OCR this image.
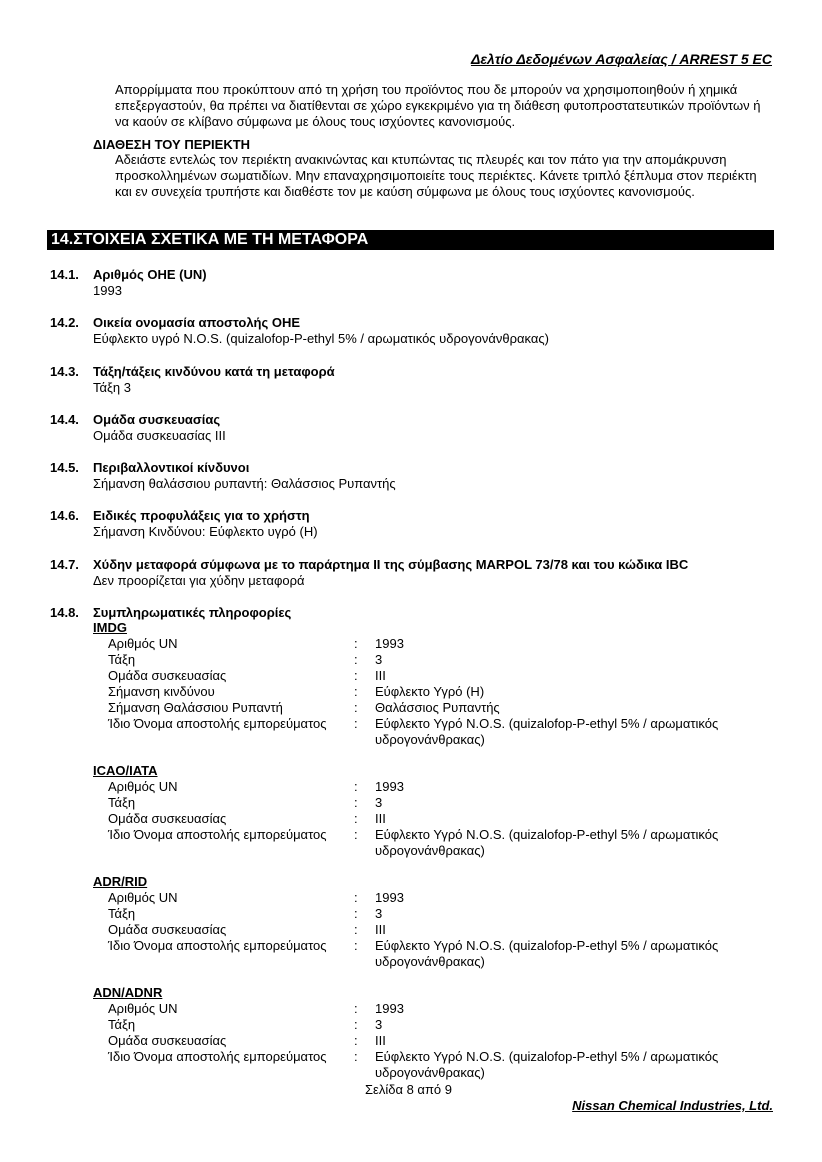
Δελτίο Δεδομένων Ασφαλείας / ARREST 5 EC

Απορρίμματα που προκύπτουν από τη χρήση του προϊόντος που δε μπορούν να χρησιμοποιηθούν ή χημικά επεξεργαστούν, θα πρέπει να διατίθενται σε χώρο εγκεκριμένο για τη διάθεση φυτοπροστατευτικών προϊόντων ή να καούν σε κλίβανο σύμφωνα με όλους τους ισχύοντες κανονισμούς.

ΔΙΑΘΕΣΗ ΤΟΥ ΠΕΡΙΕΚΤΗ
Αδειάστε εντελώς τον περιέκτη ανακινώντας και κτυπώντας τις πλευρές και τον πάτο για την απομάκρυνση προσκολλημένων σωματιδίων. Μην επαναχρησιμοποιείτε τους περιέκτες. Κάνετε τριπλό ξέπλυμα στον περιέκτη και εν συνεχεία τρυπήστε και διαθέστε τον με καύση σύμφωνα με όλους τους ισχύοντες κανονισμούς.
14.ΣΤΟΙΧΕΙΑ ΣΧΕΤΙΚΑ ΜΕ ΤΗ ΜΕΤΑΦΟΡΑ
14.1. Αριθμός ΟΗΕ (UN)
1993
14.2. Οικεία ονομασία αποστολής ΟΗΕ
Εύφλεκτο υγρό N.O.S. (quizalofop-P-ethyl 5% / αρωματικός υδρογονάνθρακας)
14.3. Τάξη/τάξεις κινδύνου κατά τη μεταφορά
Τάξη 3
14.4. Ομάδα συσκευασίας
Ομάδα συσκευασίας III
14.5. Περιβαλλοντικοί κίνδυνοι
Σήμανση θαλάσσιου ρυπαντή: Θαλάσσιος Ρυπαντής
14.6. Ειδικές προφυλάξεις για το χρήστη
Σήμανση Κινδύνου: Εύφλεκτο υγρό (H)
14.7. Χύδην μεταφορά σύμφωνα με το παράρτημα II της σύμβασης MARPOL 73/78 και του κώδικα IBC
Δεν προορίζεται για χύδην μεταφορά
14.8. Συμπληρωματικές πληροφορίες
IMDG
Αριθμός UN	: 1993
Τάξη	: 3
Ομάδα συσκευασίας	: III
Σήμανση κινδύνου	: Εύφλεκτο Υγρό (H)
Σήμανση Θαλάσσιου Ρυπαντή	: Θαλάσσιος Ρυπαντής
Ίδιο Όνομα αποστολής εμπορεύματος : Εύφλεκτο Υγρό N.O.S. (quizalofop-P-ethyl 5% / αρωματικός υδρογονάνθρακας)
ICAO/IATA
Αριθμός UN	: 1993
Τάξη	: 3
Ομάδα συσκευασίας	: III
Ίδιο Όνομα αποστολής εμπορεύματος : Εύφλεκτο Υγρό N.O.S. (quizalofop-P-ethyl 5% / αρωματικός υδρογονάνθρακας)
ADR/RID
Αριθμός UN	: 1993
Τάξη	: 3
Ομάδα συσκευασίας	: III
Ίδιο Όνομα αποστολής εμπορεύματος : Εύφλεκτο Υγρό N.O.S. (quizalofop-P-ethyl 5% / αρωματικός υδρογονάνθρακας)
ADN/ADNR
Αριθμός UN	: 1993
Τάξη	: 3
Ομάδα συσκευασίας	: III
Ίδιο Όνομα αποστολής εμπορεύματος : Εύφλεκτο Υγρό N.O.S. (quizalofop-P-ethyl 5% / αρωματικός υδρογονάνθρακας)
Σελίδα 8 από 9
Nissan Chemical Industries, Ltd.
